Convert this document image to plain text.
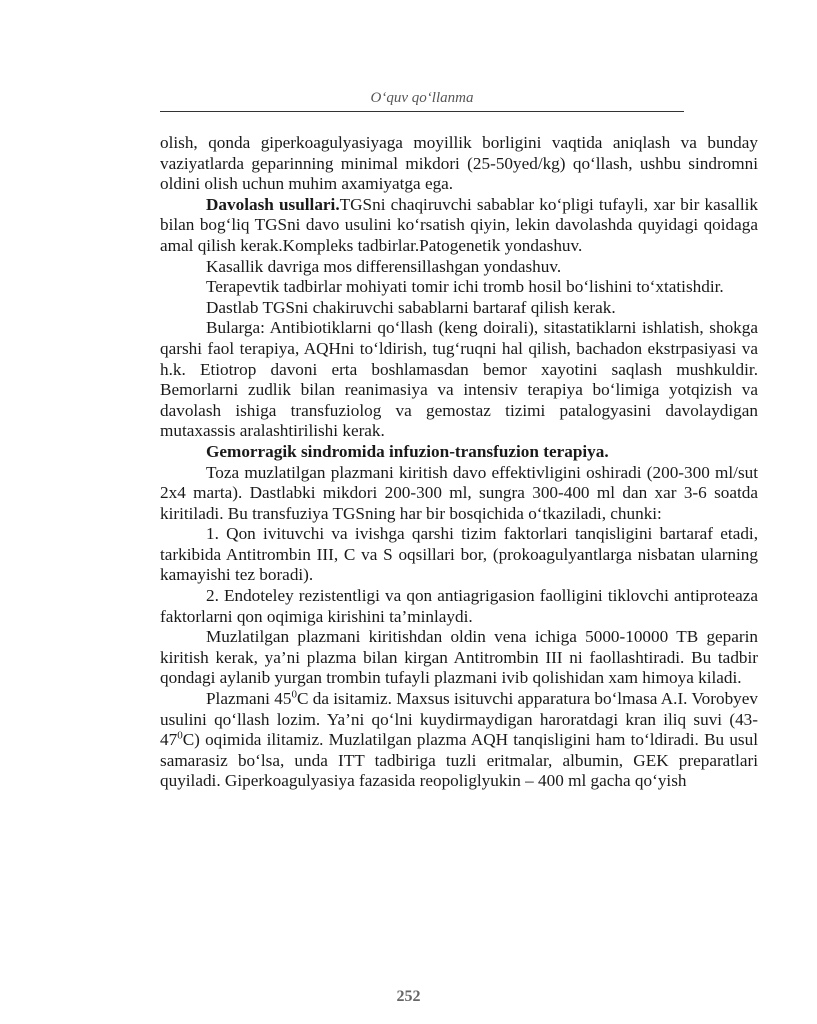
O‘quv qo‘llanma

olish, qonda giperkoagulyasiyaga moyillik borligini vaqtida aniqlash va bunday vaziyatlarda geparinning minimal mikdori (25-50yed/kg) qo‘llash, ushbu sindromni oldini olish uchun muhim axamiyatga ega.

Davolash usullari.TGSni chaqiruvchi sabablar ko‘pligi tufayli, xar bir kasallik bilan bog‘liq TGSni davo usulini ko‘rsatish qiyin, lekin davolashda quyidagi qoidaga amal qilish kerak.Kompleks tadbirlar.Patogenetik yondashuv.

Kasallik davriga mos differensillashgan yondashuv.

Terapevtik tadbirlar mohiyati tomir ichi tromb hosil bo‘lishini to‘xtatishdir.

Dastlab TGSni chakiruvchi sabablarni bartaraf qilish kerak.

Bularga: Antibiotiklarni qo‘llash (keng doirali), sitastatiklarni ishlatish, shokga qarshi faol terapiya, AQHni to‘ldirish, tug‘ruqni hal qilish, bachadon ekstrpasiyasi va h.k. Etiotrop davoni erta boshlamasdan bemor xayotini saqlash mushkuldir. Bemorlarni zudlik bilan reanimasiya va intensiv terapiya bo‘limiga yotqizish va davolash ishiga transfuziolog va gemostaz tizimi patalogyasini davolaydigan mutaxassis aralashtirilishi kerak.

Gemorragik sindromida infuzion-transfuzion terapiya.

Toza muzlatilgan plazmani kiritish davo effektivligini oshiradi (200-300 ml/sut 2x4 marta). Dastlabki mikdori 200-300 ml, sungra 300-400 ml dan xar 3-6 soatda kiritiladi. Bu transfuziya TGSning har bir bosqichida o‘tkaziladi, chunki:

1. Qon ivituvchi va ivishga qarshi tizim faktorlari tanqisligini bartaraf etadi, tarkibida Antitrombin III, C va S oqsillari bor, (prokoagulyantlarga nisbatan ularning kamayishi tez boradi).

2. Endoteley rezistentligi va qon antiagrigasion faolligini tiklovchi antiproteaza faktorlarni qon oqimiga kirishini ta’minlaydi.

Muzlatilgan plazmani kiritishdan oldin vena ichiga 5000-10000 TB geparin kiritish kerak, ya’ni plazma bilan kirgan Antitrombin III ni faollashtiradi. Bu tadbir qondagi aylanib yurgan trombin tufayli plazmani ivib qolishidan xam himoya kiladi.

Plazmani $45^0C$ da isitamiz. Maxsus isituvchi apparatura bo‘lmasa A.I. Vorobyev usulini qo‘llash lozim. Ya’ni qo‘lni kuydirmaydigan haroratdagi kran iliq suvi $(43-47^0C)$ oqimida ilitamiz. Muzlatilgan plazma AQH tanqisligini ham to‘ldiradi. Bu usul samarasiz bo‘lsa, unda ITT tadbiriga tuzli eritmalar, albumin, GEK preparatlari quyiladi. Giperkoagulyasiya fazasida reopoliglyukin – 400 ml gacha qo‘yish

252
